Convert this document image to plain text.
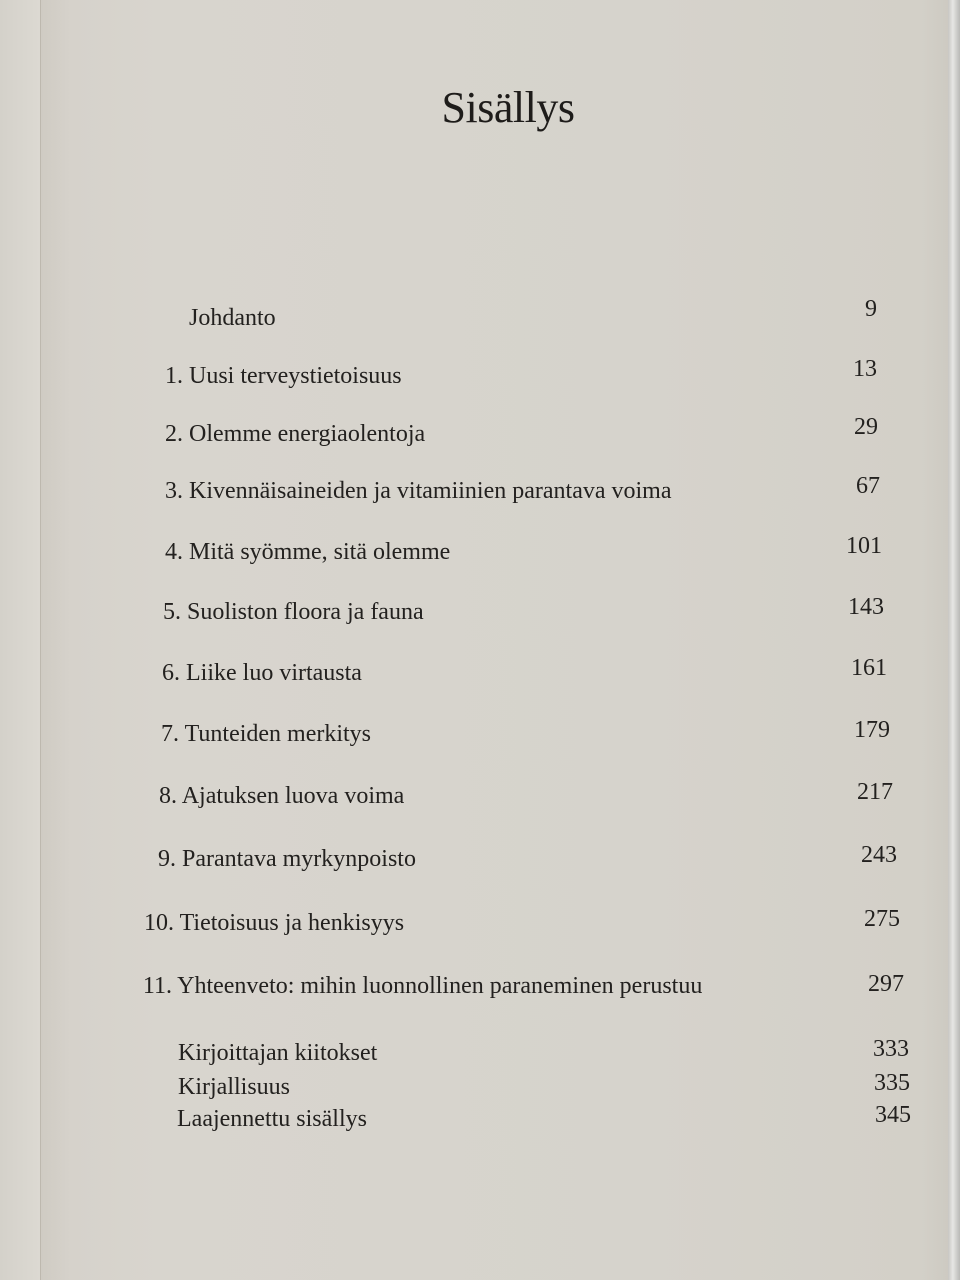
Sisällys
Johdanto	9
1. Uusi terveystietoisuus	13
2. Olemme energiaolentoja	29
3. Kivennäisaineiden ja vitamiinien parantava voima	67
4. Mitä syömme, sitä olemme	101
5. Suoliston floora ja fauna	143
6. Liike luo virtausta	161
7. Tunteiden merkitys	179
8. Ajatuksen luova voima	217
9. Parantava myrkynpoisto	243
10. Tietoisuus ja henkisyys	275
11. Yhteenveto: mihin luonnollinen paraneminen perustuu	297
Kirjoittajan kiitokset	333
Kirjallisuus	335
Laajennettu sisällys	345
